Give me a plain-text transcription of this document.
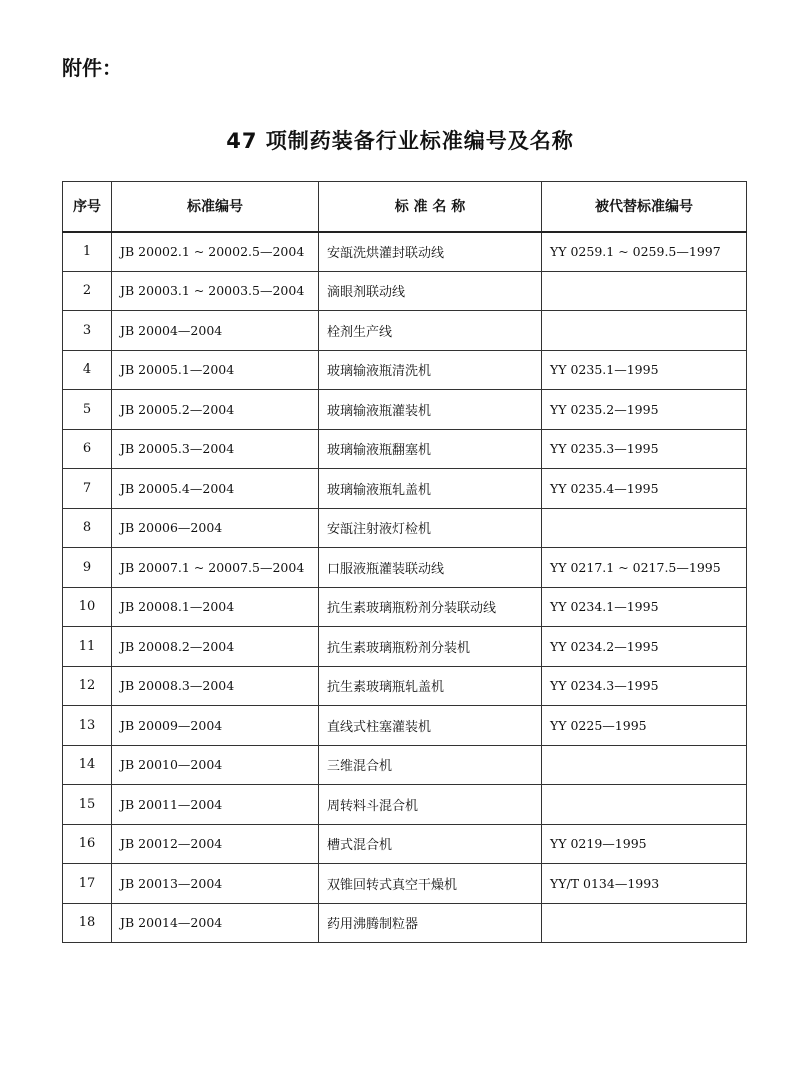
附件：
47 项制药装备行业标准编号及名称
序号	标准编号	标 准 名 称	被代替标准编号
1	JB 20002.1 ~ 20002.5—2004	安瓿洗烘灌封联动线	YY 0259.1 ~ 0259.5—1997
2	JB 20003.1 ~ 20003.5—2004	滴眼剂联动线	
3	JB 20004—2004	栓剂生产线	
4	JB 20005.1—2004	玻璃输液瓶清洗机	YY 0235.1—1995
5	JB 20005.2—2004	玻璃输液瓶灌装机	YY 0235.2—1995
6	JB 20005.3—2004	玻璃输液瓶翻塞机	YY 0235.3—1995
7	JB 20005.4—2004	玻璃输液瓶轧盖机	YY 0235.4—1995
8	JB 20006—2004	安瓿注射液灯检机	
9	JB 20007.1 ~ 20007.5—2004	口服液瓶灌装联动线	YY 0217.1 ~ 0217.5—1995
10	JB 20008.1—2004	抗生素玻璃瓶粉剂分装联动线	YY 0234.1—1995
11	JB 20008.2—2004	抗生素玻璃瓶粉剂分装机	YY 0234.2—1995
12	JB 20008.3—2004	抗生素玻璃瓶轧盖机	YY 0234.3—1995
13	JB 20009—2004	直线式柱塞灌装机	YY 0225—1995
14	JB 20010—2004	三维混合机	
15	JB 20011—2004	周转料斗混合机	
16	JB 20012—2004	槽式混合机	YY 0219—1995
17	JB 20013—2004	双锥回转式真空干燥机	YY/T 0134—1993
18	JB 20014—2004	药用沸腾制粒器	
